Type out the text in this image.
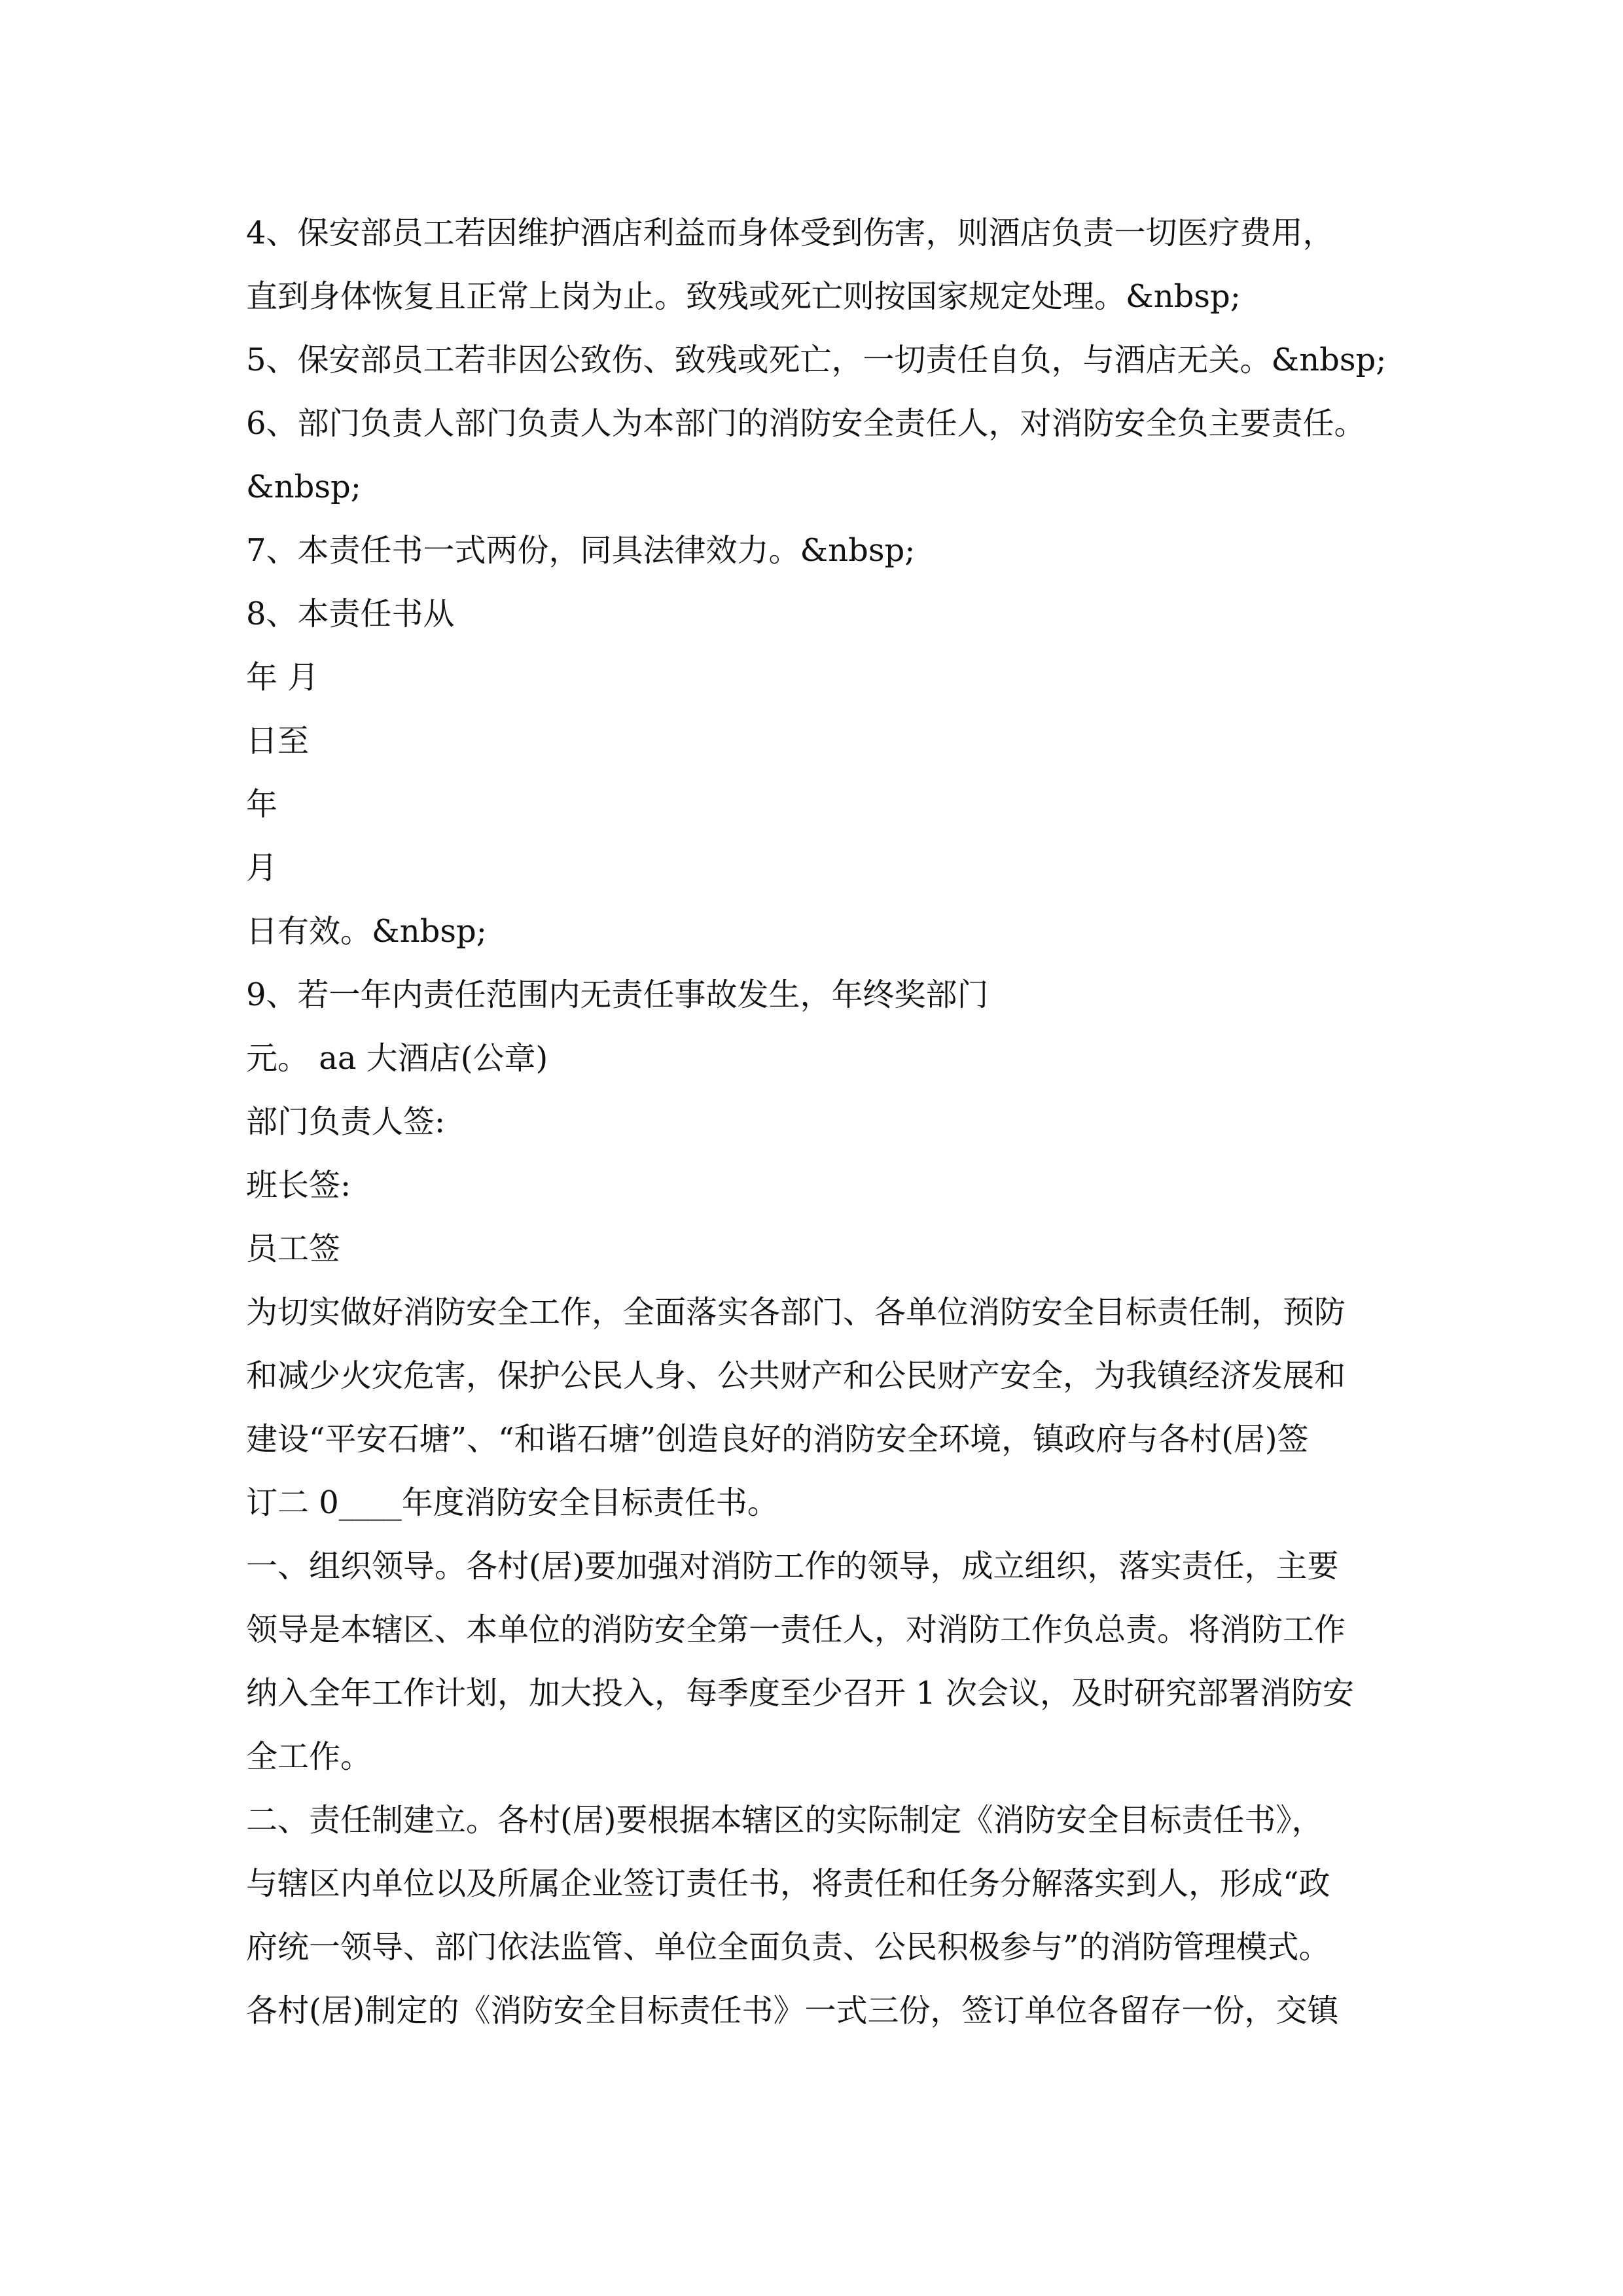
4、保安部员工若因维护酒店利益而身体受到伤害，则酒店负责一切医疗费用，
直到身体恢复且正常上岗为止。致残或死亡则按国家规定处理。&nbsp;
5、保安部员工若非因公致伤、致残或死亡，一切责任自负，与酒店无关。&nbsp;
6、部门负责人部门负责人为本部门的消防安全责任人，对消防安全负主要责任。
&nbsp;
7、本责任书一式两份，同具法律效力。&nbsp;
8、本责任书从
年 月
日至
年
月
日有效。&nbsp;
9、若一年内责任范围内无责任事故发生，年终奖部门
元。 aa 大酒店(公章)
部门负责人签:
班长签:
员工签
为切实做好消防安全工作，全面落实各部门、各单位消防安全目标责任制，预防
和减少火灾危害，保护公民人身、公共财产和公民财产安全，为我镇经济发展和
建设“平安石塘”、“和谐石塘”创造良好的消防安全环境，镇政府与各村(居)签
订二 0____年度消防安全目标责任书。
一、组织领导。各村(居)要加强对消防工作的领导，成立组织，落实责任，主要
领导是本辖区、本单位的消防安全第一责任人，对消防工作负总责。将消防工作
纳入全年工作计划，加大投入，每季度至少召开 1 次会议，及时研究部署消防安
全工作。
二、责任制建立。各村(居)要根据本辖区的实际制定《消防安全目标责任书》，
与辖区内单位以及所属企业签订责任书，将责任和任务分解落实到人，形成“政
府统一领导、部门依法监管、单位全面负责、公民积极参与”的消防管理模式。
各村(居)制定的《消防安全目标责任书》一式三份，签订单位各留存一份，交镇
